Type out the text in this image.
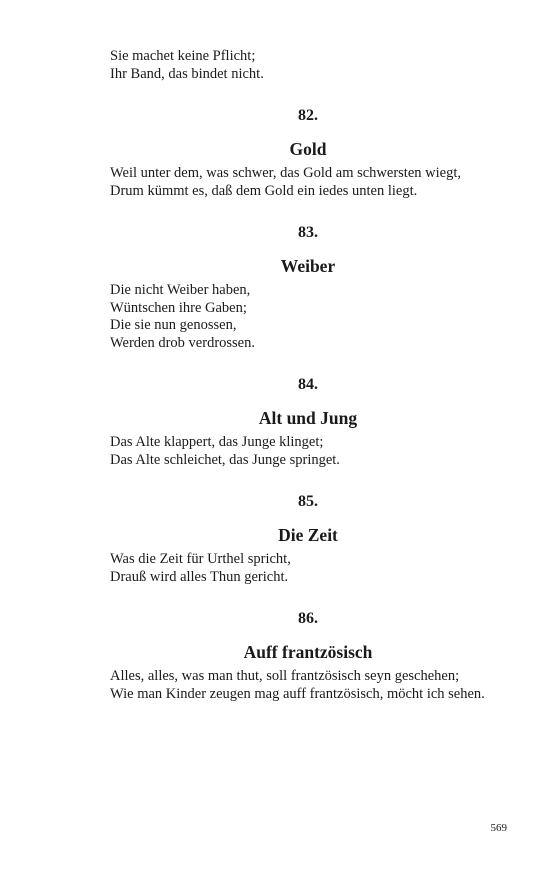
Sie machet keine Pflicht;
Ihr Band, das bindet nicht.
82.
Gold
Weil unter dem, was schwer, das Gold am schwersten wiegt,
Drum kümmt es, daß dem Gold ein iedes unten liegt.
83.
Weiber
Die nicht Weiber haben,
Wüntschen ihre Gaben;
Die sie nun genossen,
Werden drob verdrossen.
84.
Alt und Jung
Das Alte klappert, das Junge klinget;
Das Alte schleichet, das Junge springet.
85.
Die Zeit
Was die Zeit für Urthel spricht,
Drauß wird alles Thun gericht.
86.
Auff frantzösisch
Alles, alles, was man thut, soll frantzösisch seyn geschehen;
Wie man Kinder zeugen mag auff frantzösisch, möcht ich sehen.
569
